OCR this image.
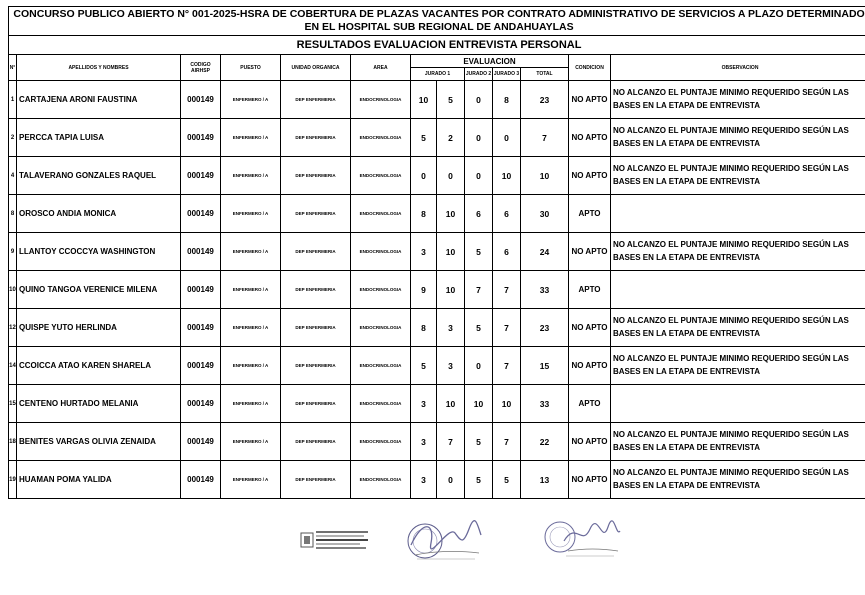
CONCURSO PUBLICO ABIERTO N° 001-2025-HSRA DE COBERTURA DE PLAZAS VACANTES POR CONTRATO ADMINISTRATIVO DE SERVICIOS A PLAZO DETERMINADO EN EL HOSPITAL SUB REGIONAL DE ANDAHUAYLAS												
RESULTADOS EVALUACION ENTREVISTA PERSONAL												
N°	APELLIDOS Y NOMBRES	CODIGO AIRHSP	PUESTO	UNIDAD ORGANICA	AREA	EVALUACION					CONDICION	OBSERVACION
						JURADO 1		JURADO 2	JURADO 3	TOTAL		
1	CARTAJENA ARONI FAUSTINA	000149	ENFERMERO / A	DEP ENFERMERIA	ENDOCRINOLOGIA	10	5	0	8	23	NO APTO	NO ALCANZO EL PUNTAJE MINIMO REQUERIDO SEGÚN LAS BASES EN LA ETAPA DE ENTREVISTA
2	PERCCA TAPIA LUISA	000149	ENFERMERO / A	DEP ENFERMERIA	ENDOCRINOLOGIA	5	2	0	0	7	NO APTO	NO ALCANZO EL PUNTAJE MINIMO REQUERIDO SEGÚN LAS BASES EN LA ETAPA DE ENTREVISTA
4	TALAVERANO GONZALES RAQUEL	000149	ENFERMERO / A	DEP ENFERMERIA	ENDOCRINOLOGIA	0	0	0	10	10	NO APTO	NO ALCANZO EL PUNTAJE MINIMO REQUERIDO SEGÚN LAS BASES EN LA ETAPA DE ENTREVISTA
8	OROSCO ANDIA MONICA	000149	ENFERMERO / A	DEP ENFERMERIA	ENDOCRINOLOGIA	8	10	6	6	30	APTO	
9	LLANTOY CCOCCYA WASHINGTON	000149	ENFERMERO / A	DEP ENFERMERIA	ENDOCRINOLOGIA	3	10	5	6	24	NO APTO	NO ALCANZO EL PUNTAJE MINIMO REQUERIDO SEGÚN LAS BASES EN LA ETAPA DE ENTREVISTA
10	QUINO TANGOA VERENICE MILENA	000149	ENFERMERO / A	DEP ENFERMERIA	ENDOCRINOLOGIA	9	10	7	7	33	APTO	
12	QUISPE YUTO HERLINDA	000149	ENFERMERO / A	DEP ENFERMERIA	ENDOCRINOLOGIA	8	3	5	7	23	NO APTO	NO ALCANZO EL PUNTAJE MINIMO REQUERIDO SEGÚN LAS BASES EN LA ETAPA DE ENTREVISTA
14	CCOICCA ATAO KAREN SHARELA	000149	ENFERMERO / A	DEP ENFERMERIA	ENDOCRINOLOGIA	5	3	0	7	15	NO APTO	NO ALCANZO EL PUNTAJE MINIMO REQUERIDO SEGÚN LAS BASES EN LA ETAPA DE ENTREVISTA
15	CENTENO HURTADO MELANIA	000149	ENFERMERO / A	DEP ENFERMERIA	ENDOCRINOLOGIA	3	10	10	10	33	APTO	
18	BENITES VARGAS OLIVIA ZENAIDA	000149	ENFERMERO / A	DEP ENFERMERIA	ENDOCRINOLOGIA	3	7	5	7	22	NO APTO	NO ALCANZO EL PUNTAJE MINIMO REQUERIDO SEGÚN LAS BASES EN LA ETAPA DE ENTREVISTA
19	HUAMAN POMA YALIDA	000149	ENFERMERO / A	DEP ENFERMERIA	ENDOCRINOLOGIA	3	0	5	5	13	NO APTO	NO ALCANZO EL PUNTAJE MINIMO REQUERIDO SEGÚN LAS BASES EN LA ETAPA DE ENTREVISTA
